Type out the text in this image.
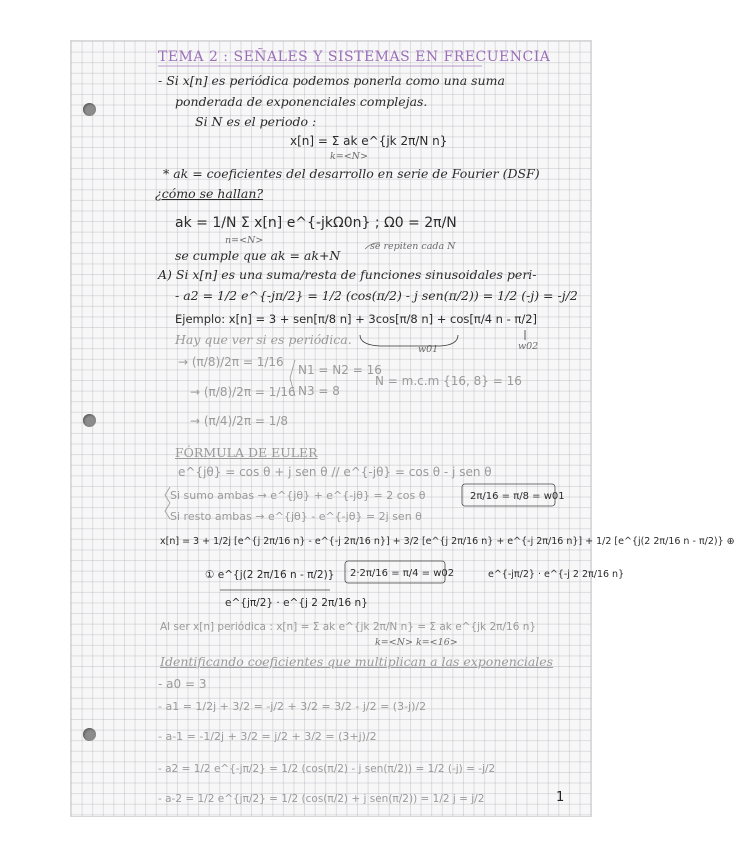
TEMA 2 : SEÑALES Y SISTEMAS EN FRECUENCIA
- Si x[n] es periódica podemos ponerla como una suma
ponderada de exponenciales complejas.
Si N es el periodo :
x[n] = Σ ak e^{jk 2π/N n}
k=<N>
* ak = coeficientes del desarrollo en serie de Fourier (DSF)
¿cómo se hallan?
ak = 1/N Σ x[n] e^{-jkΩ0n} ; Ω0 = 2π/N
n=<N>
se cumple que ak = ak+N
se repiten cada N
A) Si x[n] es una suma/resta de funciones sinusoidales peri-
- a2 = 1/2 e^{-jπ/2} = 1/2 (cos(π/2) - j sen(π/2)) = 1/2 (-j) = -j/2
Ejemplo: x[n] = 3 + sen[π/8 n] + 3cos[π/8 n] + cos[π/4 n - π/2]
w01	w02
Hay que ver si es periódica.
→ (π/8)/2π = 1/16
→ (π/8)/2π = 1/16
→ (π/4)/2π = 1/8
N1 = N2 = 16
N3 = 8
N = m.c.m {16, 8} = 16
FÓRMULA DE EULER
e^{jθ} = cos θ + j sen θ // e^{-jθ} = cos θ - j sen θ
Si sumo ambas → e^{jθ} + e^{-jθ} = 2 cos θ
Si resto ambas → e^{jθ} - e^{-jθ} = 2j sen θ
2π/16 = π/8 = w01
x[n] = 3 + 1/2j [e^{j 2π/16 n} - e^{-j 2π/16 n}] + 3/2 [e^{j 2π/16 n} + e^{-j 2π/16 n}] + 1/2 [e^{j(2 2π/16 n - π/2)} ⊕
① e^{j(2 2π/16 n - π/2)}
e^{jπ/2} · e^{j 2 2π/16 n}
2·2π/16 = π/4 = w02	e^{-jπ/2} · e^{-j 2 2π/16 n}
Al ser x[n] periódica : x[n] = Σ ak e^{jk 2π/N n} = Σ ak e^{jk 2π/16 n}
k=<N> k=<16>
Identificando coeficientes que multiplican a las exponenciales
- a0 = 3
- a1 = 1/2j + 3/2 = -j/2 + 3/2 = 3/2 - j/2 = (3-j)/2
- a-1 = -1/2j + 3/2 = j/2 + 3/2 = (3+j)/2
- a2 = 1/2 e^{-jπ/2} = 1/2 (cos(π/2) - j sen(π/2)) = 1/2 (-j) = -j/2
- a-2 = 1/2 e^{jπ/2} = 1/2 (cos(π/2) + j sen(π/2)) = 1/2 j = j/2	1
